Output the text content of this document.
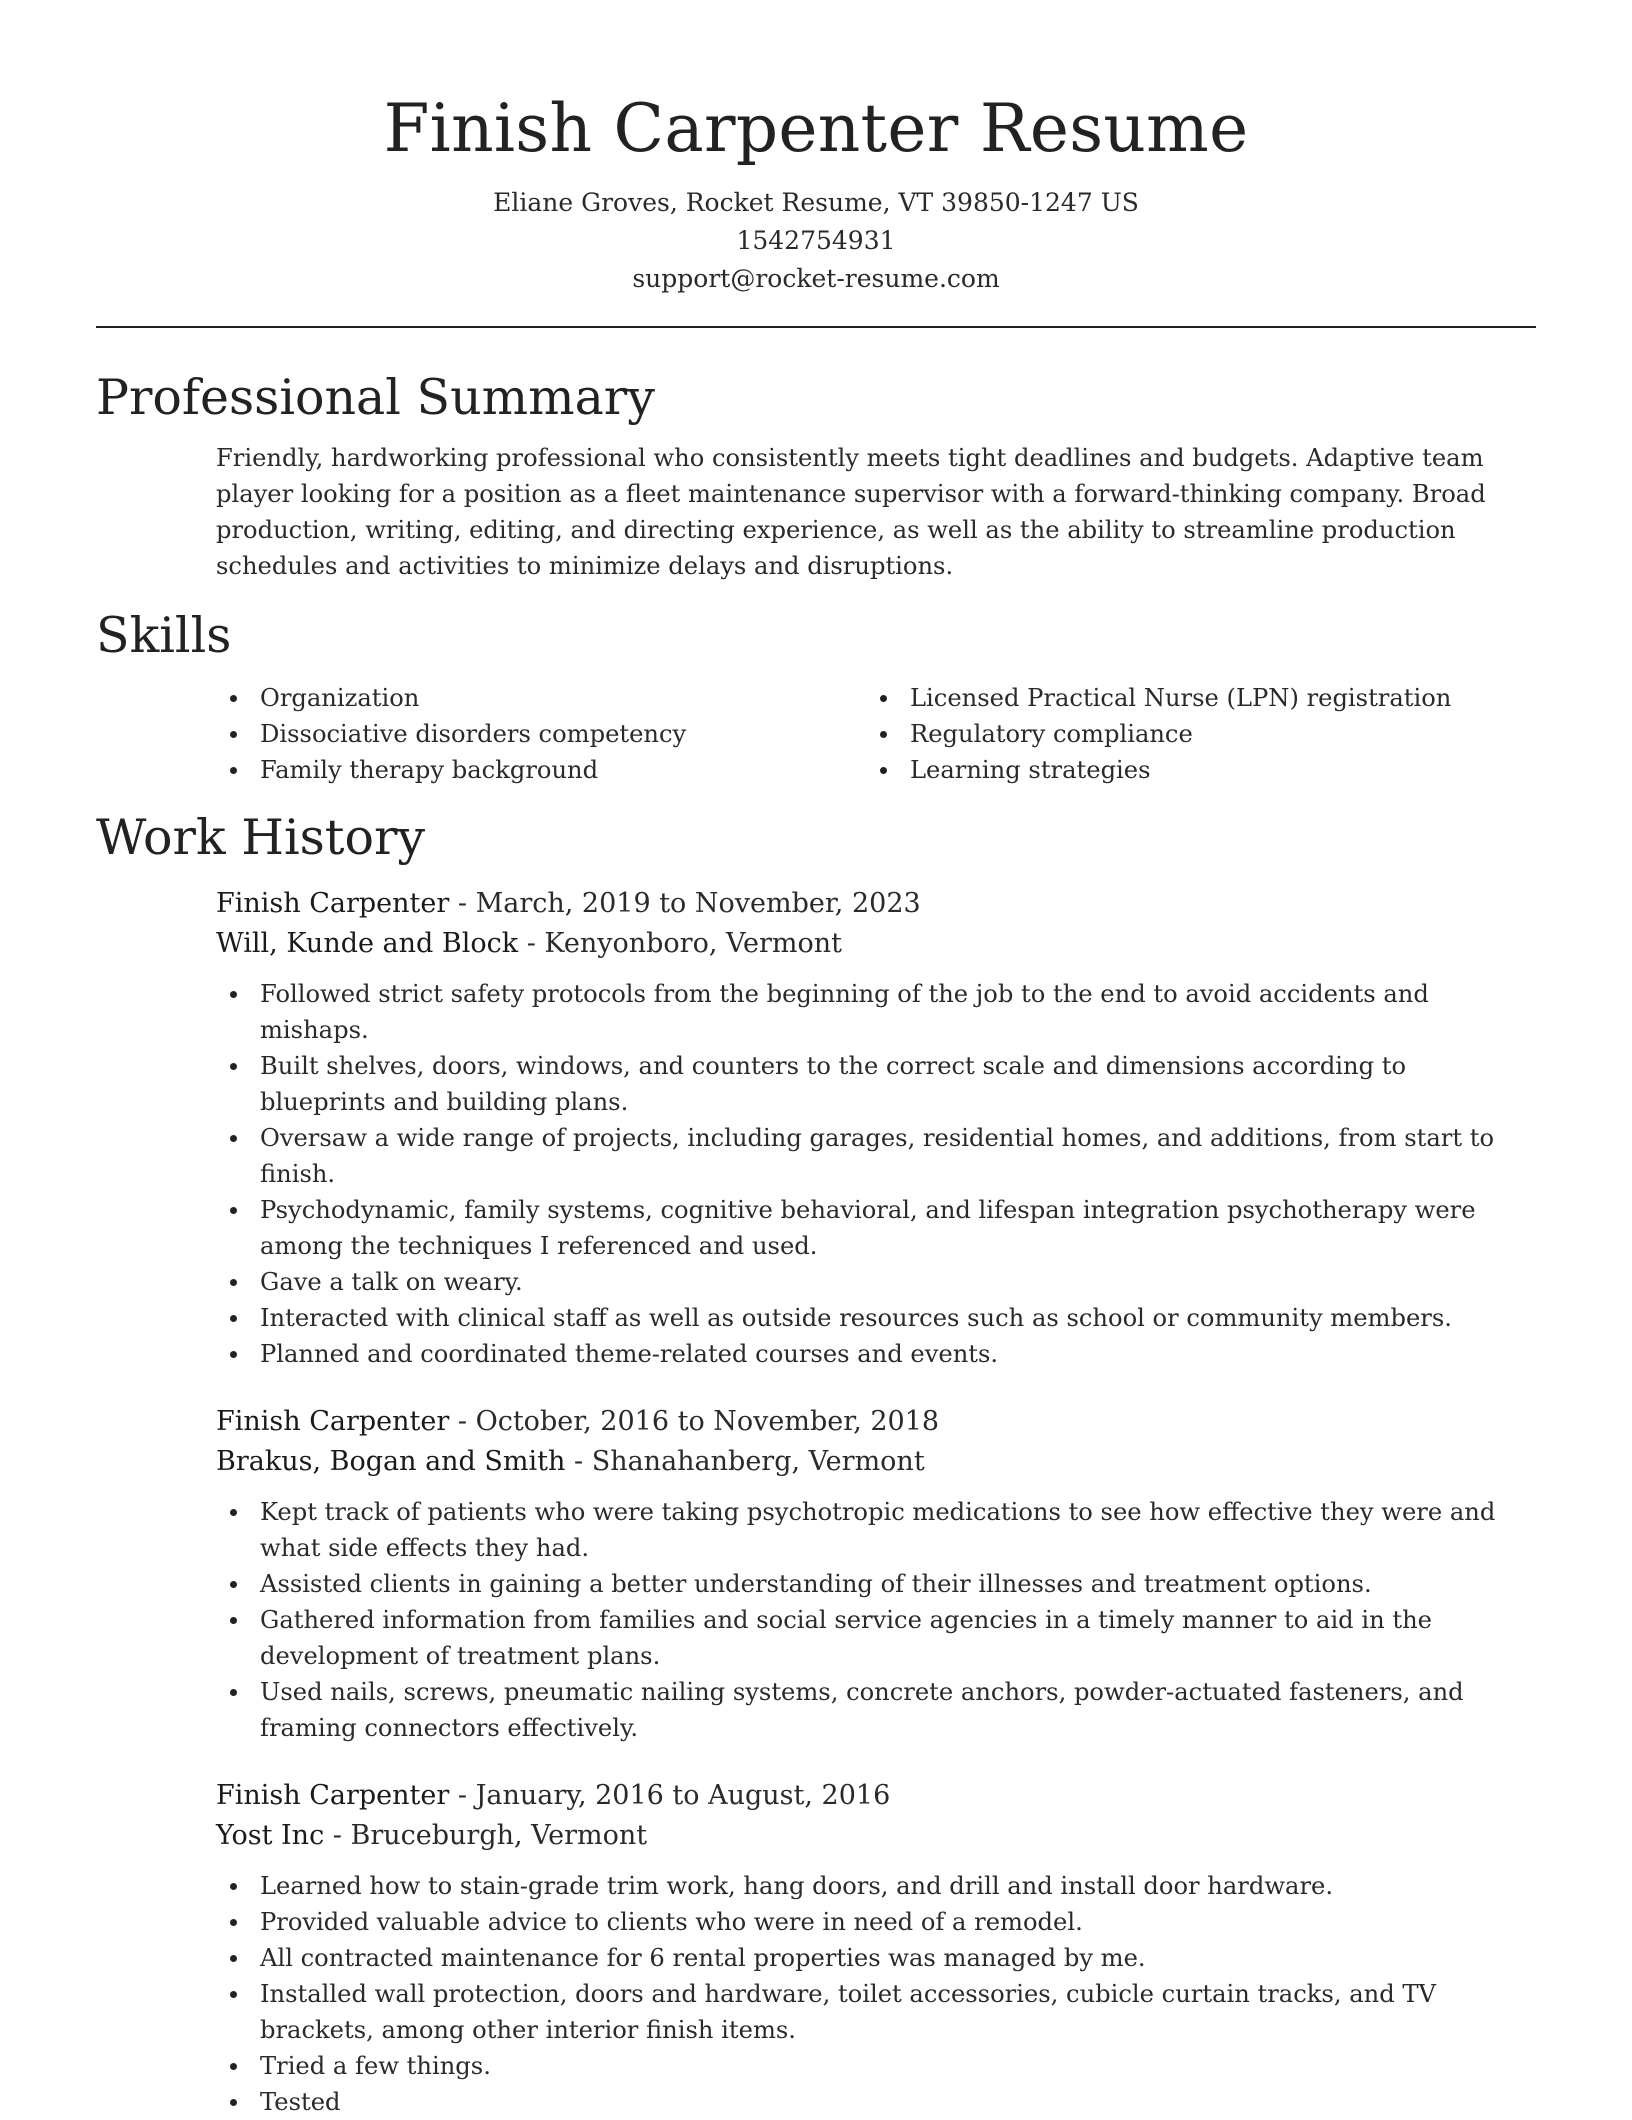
Finish Carpenter Resume
Eliane Groves, Rocket Resume, VT 39850-1247 US
1542754931
support@rocket-resume.com
Professional Summary
Friendly, hardworking professional who consistently meets tight deadlines and budgets. Adaptive team player looking for a position as a fleet maintenance supervisor with a forward-thinking company. Broad production, writing, editing, and directing experience, as well as the ability to streamline production schedules and activities to minimize delays and disruptions.
Skills
Organization
Dissociative disorders competency
Family therapy background
Licensed Practical Nurse (LPN) registration
Regulatory compliance
Learning strategies
Work History
Finish Carpenter - March, 2019 to November, 2023
Will, Kunde and Block - Kenyonboro, Vermont
Followed strict safety protocols from the beginning of the job to the end to avoid accidents and mishaps.
Built shelves, doors, windows, and counters to the correct scale and dimensions according to blueprints and building plans.
Oversaw a wide range of projects, including garages, residential homes, and additions, from start to finish.
Psychodynamic, family systems, cognitive behavioral, and lifespan integration psychotherapy were among the techniques I referenced and used.
Gave a talk on weary.
Interacted with clinical staff as well as outside resources such as school or community members.
Planned and coordinated theme-related courses and events.
Finish Carpenter - October, 2016 to November, 2018
Brakus, Bogan and Smith - Shanahanberg, Vermont
Kept track of patients who were taking psychotropic medications to see how effective they were and what side effects they had.
Assisted clients in gaining a better understanding of their illnesses and treatment options.
Gathered information from families and social service agencies in a timely manner to aid in the development of treatment plans.
Used nails, screws, pneumatic nailing systems, concrete anchors, powder-actuated fasteners, and framing connectors effectively.
Finish Carpenter - January, 2016 to August, 2016
Yost Inc - Bruceburgh, Vermont
Learned how to stain-grade trim work, hang doors, and drill and install door hardware.
Provided valuable advice to clients who were in need of a remodel.
All contracted maintenance for 6 rental properties was managed by me.
Installed wall protection, doors and hardware, toilet accessories, cubicle curtain tracks, and TV brackets, among other interior finish items.
Tried a few things.
Tested
